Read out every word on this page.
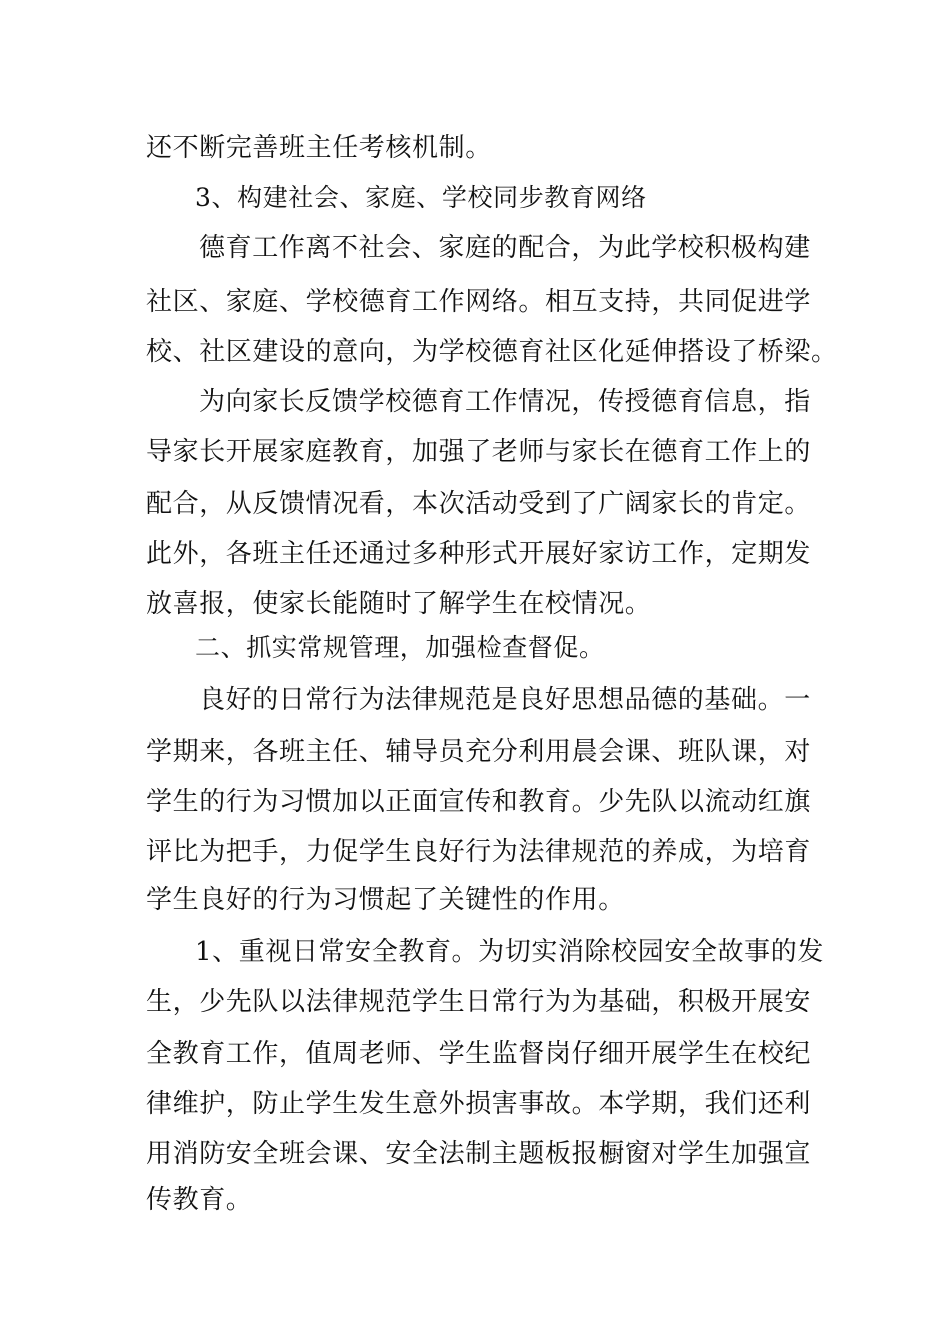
还不断完善班主任考核机制。

3、构建社会、家庭、学校同步教育网络

德育工作离不社会、家庭的配合，为此学校积极构建

社区、家庭、学校德育工作网络。相互支持，共同促进学

校、社区建设的意向，为学校德育社区化延伸搭设了桥梁。

为向家长反馈学校德育工作情况，传授德育信息，指

导家长开展家庭教育，加强了老师与家长在德育工作上的

配合，从反馈情况看，本次活动受到了广阔家长的肯定。

此外，各班主任还通过多种形式开展好家访工作，定期发

放喜报，使家长能随时了解学生在校情况。

二、抓实常规管理，加强检查督促。

良好的日常行为法律规范是良好思想品德的基础。一

学期来，各班主任、辅导员充分利用晨会课、班队课，对

学生的行为习惯加以正面宣传和教育。少先队以流动红旗

评比为把手，力促学生良好行为法律规范的养成，为培育

学生良好的行为习惯起了关键性的作用。

1、重视日常安全教育。为切实消除校园安全故事的发

生，少先队以法律规范学生日常行为为基础，积极开展安

全教育工作，值周老师、学生监督岗仔细开展学生在校纪

律维护，防止学生发生意外损害事故。本学期，我们还利

用消防安全班会课、安全法制主题板报橱窗对学生加强宣

传教育。
